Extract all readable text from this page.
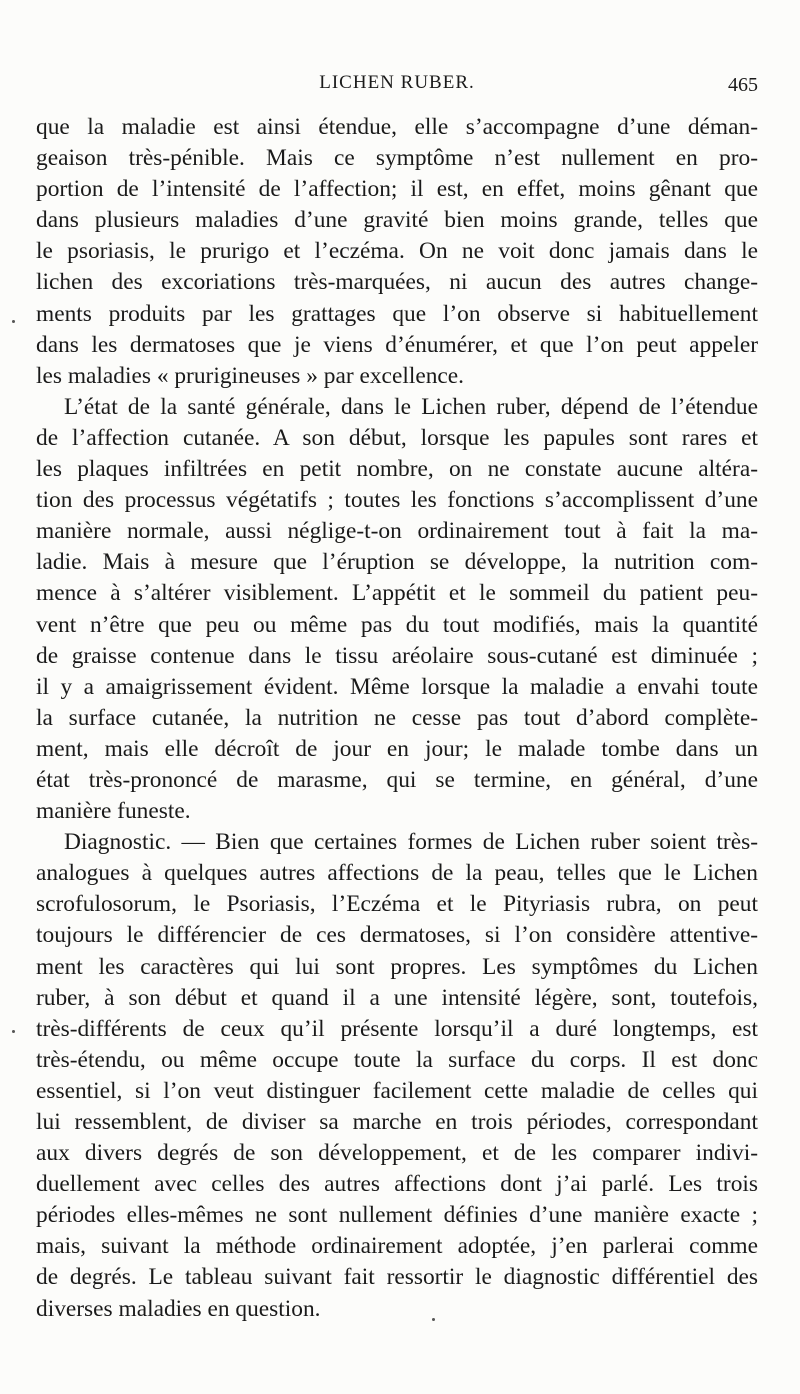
LICHEN RUBER.	465
que la maladie est ainsi étendue, elle s’accompagne d’une déman-
geaison très-pénible. Mais ce symptôme n’est nullement en pro-
portion de l’intensité de l’affection; il est, en effet, moins gênant que
dans plusieurs maladies d’une gravité bien moins grande, telles que
le psoriasis, le prurigo et l’eczéma. On ne voit donc jamais dans le
lichen des excoriations très-marquées, ni aucun des autres change-
ments produits par les grattages que l’on observe si habituellement
dans les dermatoses que je viens d’énumérer, et que l’on peut appeler
les maladies « prurigineuses » par excellence.
L’état de la santé générale, dans le Lichen ruber, dépend de l’étendue
de l’affection cutanée. A son début, lorsque les papules sont rares et
les plaques infiltrées en petit nombre, on ne constate aucune altéra-
tion des processus végétatifs ; toutes les fonctions s’accomplissent d’une
manière normale, aussi néglige-t-on ordinairement tout à fait la ma-
ladie. Mais à mesure que l’éruption se développe, la nutrition com-
mence à s’altérer visiblement. L’appétit et le sommeil du patient peu-
vent n’être que peu ou même pas du tout modifiés, mais la quantité
de graisse contenue dans le tissu aréolaire sous-cutané est diminuée ;
il y a amaigrissement évident. Même lorsque la maladie a envahi toute
la surface cutanée, la nutrition ne cesse pas tout d’abord complète-
ment, mais elle décroît de jour en jour; le malade tombe dans un
état très-prononcé de marasme, qui se termine, en général, d’une
manière funeste.
Diagnostic. — Bien que certaines formes de Lichen ruber soient très-
analogues à quelques autres affections de la peau, telles que le Lichen
scrofulosorum, le Psoriasis, l’Eczéma et le Pityriasis rubra, on peut
toujours le différencier de ces dermatoses, si l’on considère attentive-
ment les caractères qui lui sont propres. Les symptômes du Lichen
ruber, à son début et quand il a une intensité légère, sont, toutefois,
très-différents de ceux qu’il présente lorsqu’il a duré longtemps, est
très-étendu, ou même occupe toute la surface du corps. Il est donc
essentiel, si l’on veut distinguer facilement cette maladie de celles qui
lui ressemblent, de diviser sa marche en trois périodes, correspondant
aux divers degrés de son développement, et de les comparer indivi-
duellement avec celles des autres affections dont j’ai parlé. Les trois
périodes elles-mêmes ne sont nullement définies d’une manière exacte ;
mais, suivant la méthode ordinairement adoptée, j’en parlerai comme
de degrés. Le tableau suivant fait ressortir le diagnostic différentiel des
diverses maladies en question.
